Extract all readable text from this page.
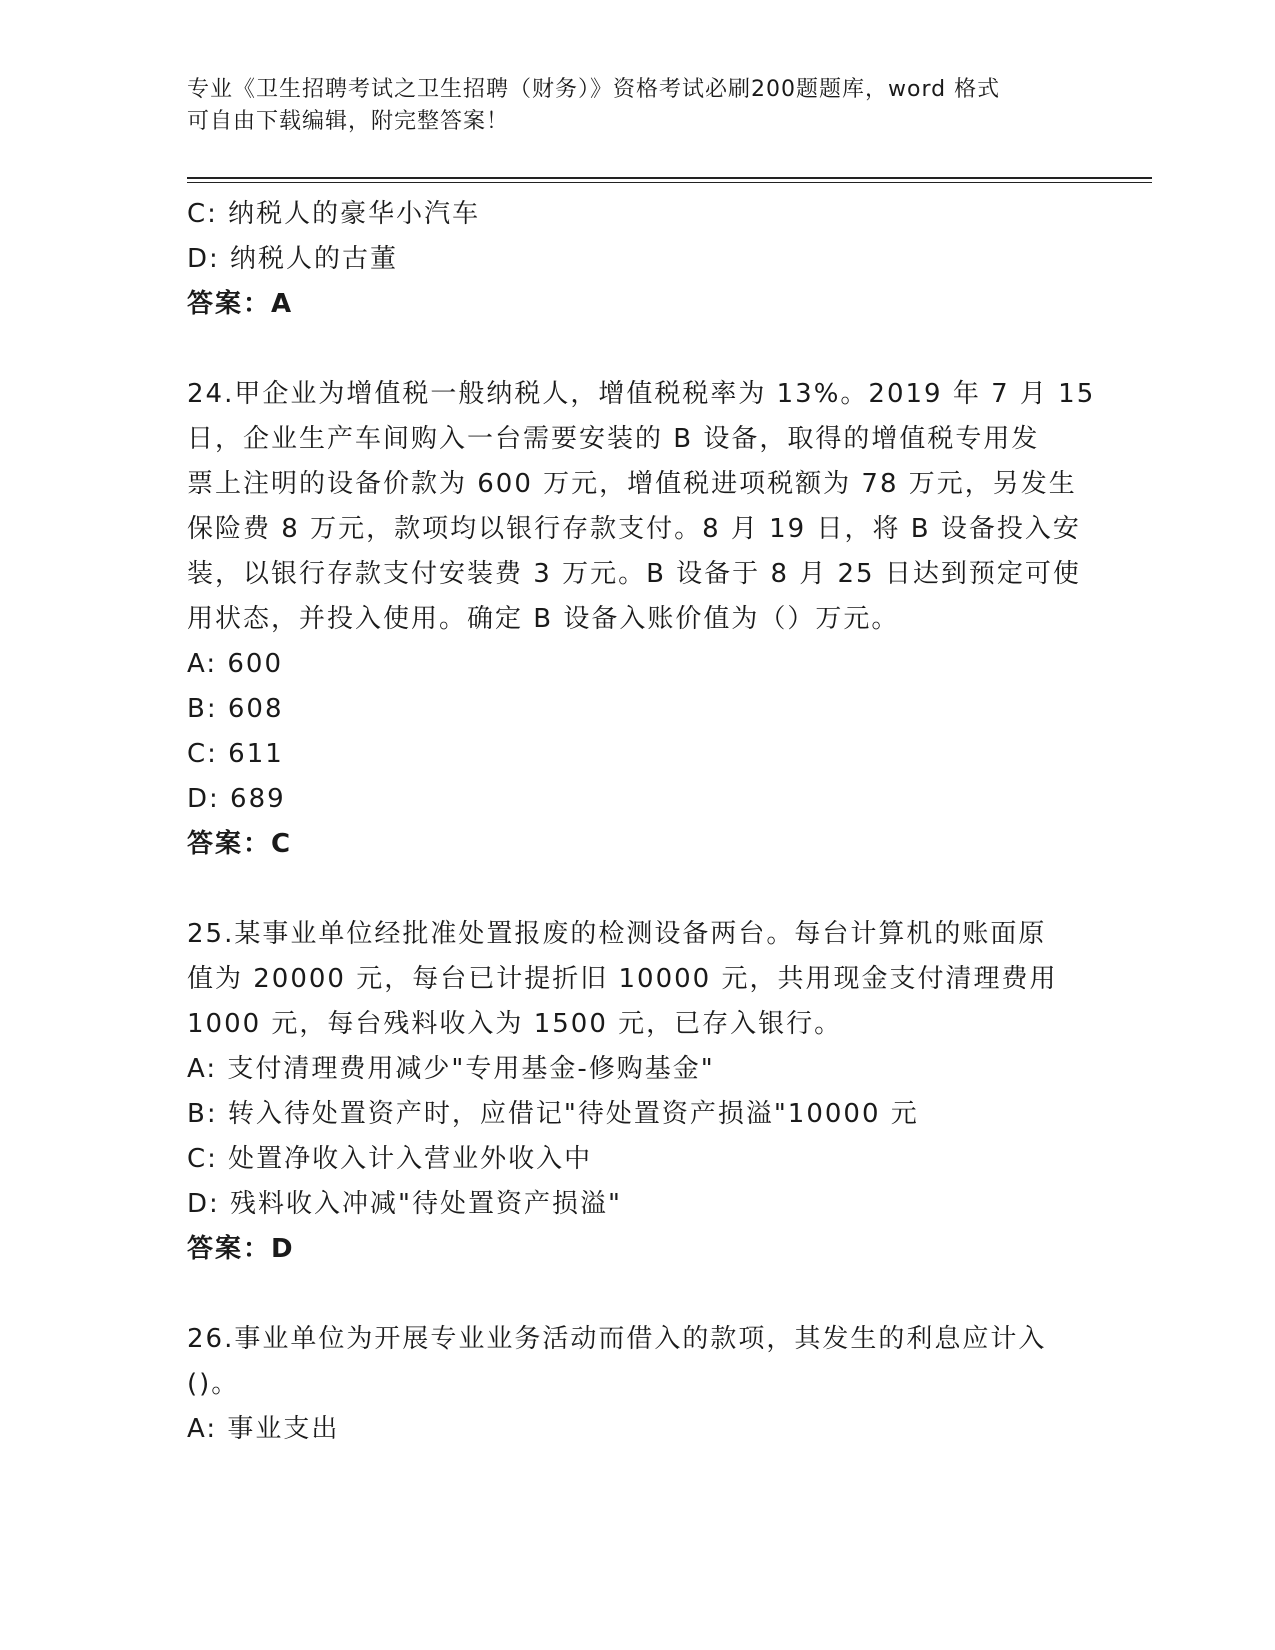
专业《卫生招聘考试之卫生招聘（财务）》资格考试必刷200题题库，word 格式
可自由下载编辑，附完整答案！
C: 纳税人的豪华小汽车
D: 纳税人的古董
答案：A
24.甲企业为增值税一般纳税人，增值税税率为 13%。2019 年 7 月 15
日，企业生产车间购入一台需要安装的 B 设备，取得的增值税专用发
票上注明的设备价款为 600 万元，增值税进项税额为 78 万元，另发生
保险费 8 万元，款项均以银行存款支付。8 月 19 日，将 B 设备投入安
装，以银行存款支付安装费 3 万元。B 设备于 8 月 25 日达到预定可使
用状态，并投入使用。确定 B 设备入账价值为（）万元。
A: 600
B: 608
C: 611
D: 689
答案：C
25.某事业单位经批准处置报废的检测设备两台。每台计算机的账面原
值为 20000 元，每台已计提折旧 10000 元，共用现金支付清理费用
1000 元，每台残料收入为 1500 元，已存入银行。
A: 支付清理费用减少"专用基金-修购基金"
B: 转入待处置资产时，应借记"待处置资产损溢"10000 元
C: 处置净收入计入营业外收入中
D: 残料收入冲减"待处置资产损溢"
答案：D
26.事业单位为开展专业业务活动而借入的款项，其发生的利息应计入
()。
A: 事业支出
